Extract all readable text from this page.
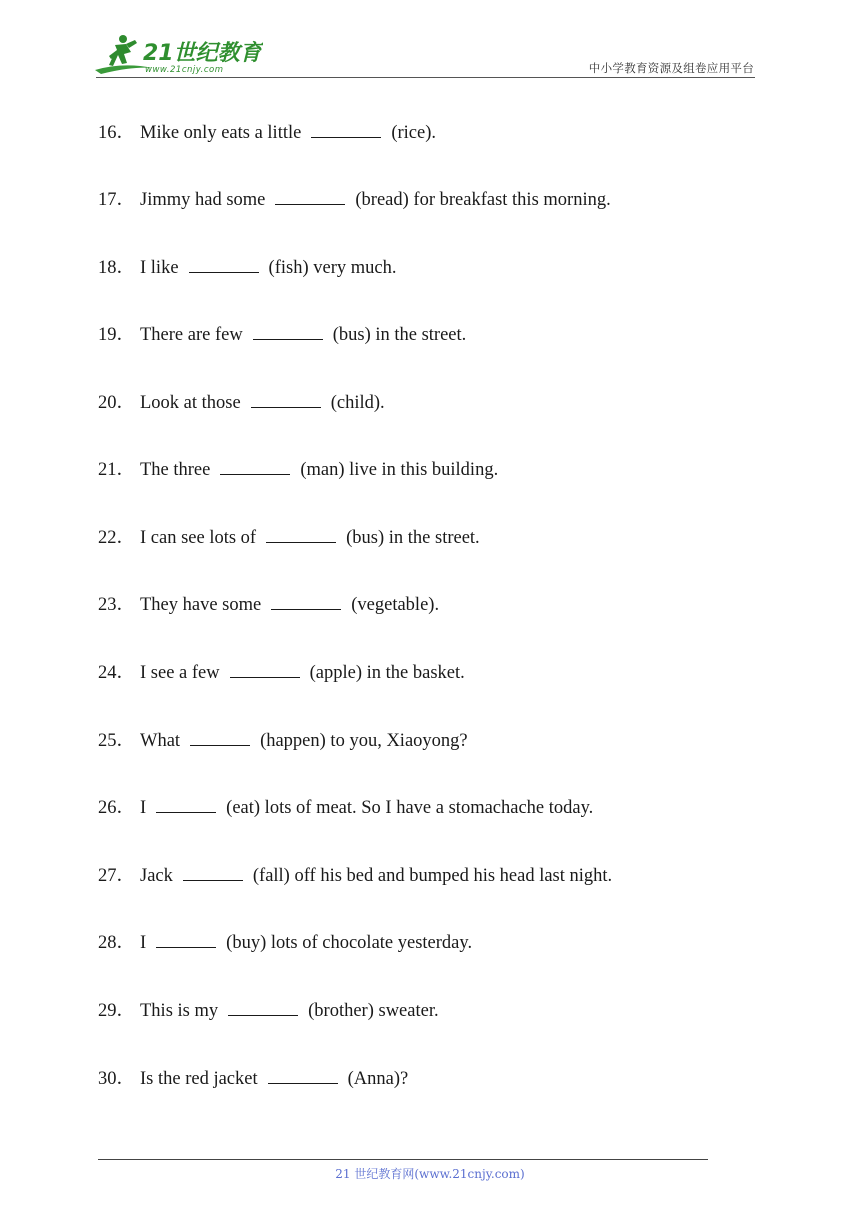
21世纪教育
www.21cnjy.com	中小学教育资源及组卷应用平台
16． Mike only eats a little	(rice).
17． Jimmy had some	(bread) for breakfast this morning.
18． I like	(fish) very much.
19． There are few	(bus) in the street.
20． Look at those	(child).
21． The three	(man) live in this building.
22． I can see lots of	(bus) in the street.
23． They have some	(vegetable).
24． I see a few	(apple) in the basket.
25． What	(happen) to you, Xiaoyong?
26． I	(eat) lots of meat. So I have a stomachache today.
27． Jack	(fall) off his bed and bumped his head last night.
28． I	(buy) lots of chocolate yesterday.
29． This is my	(brother) sweater.
30． Is the red jacket	(Anna)?
21 世纪教育网(www.21cnjy.com)
